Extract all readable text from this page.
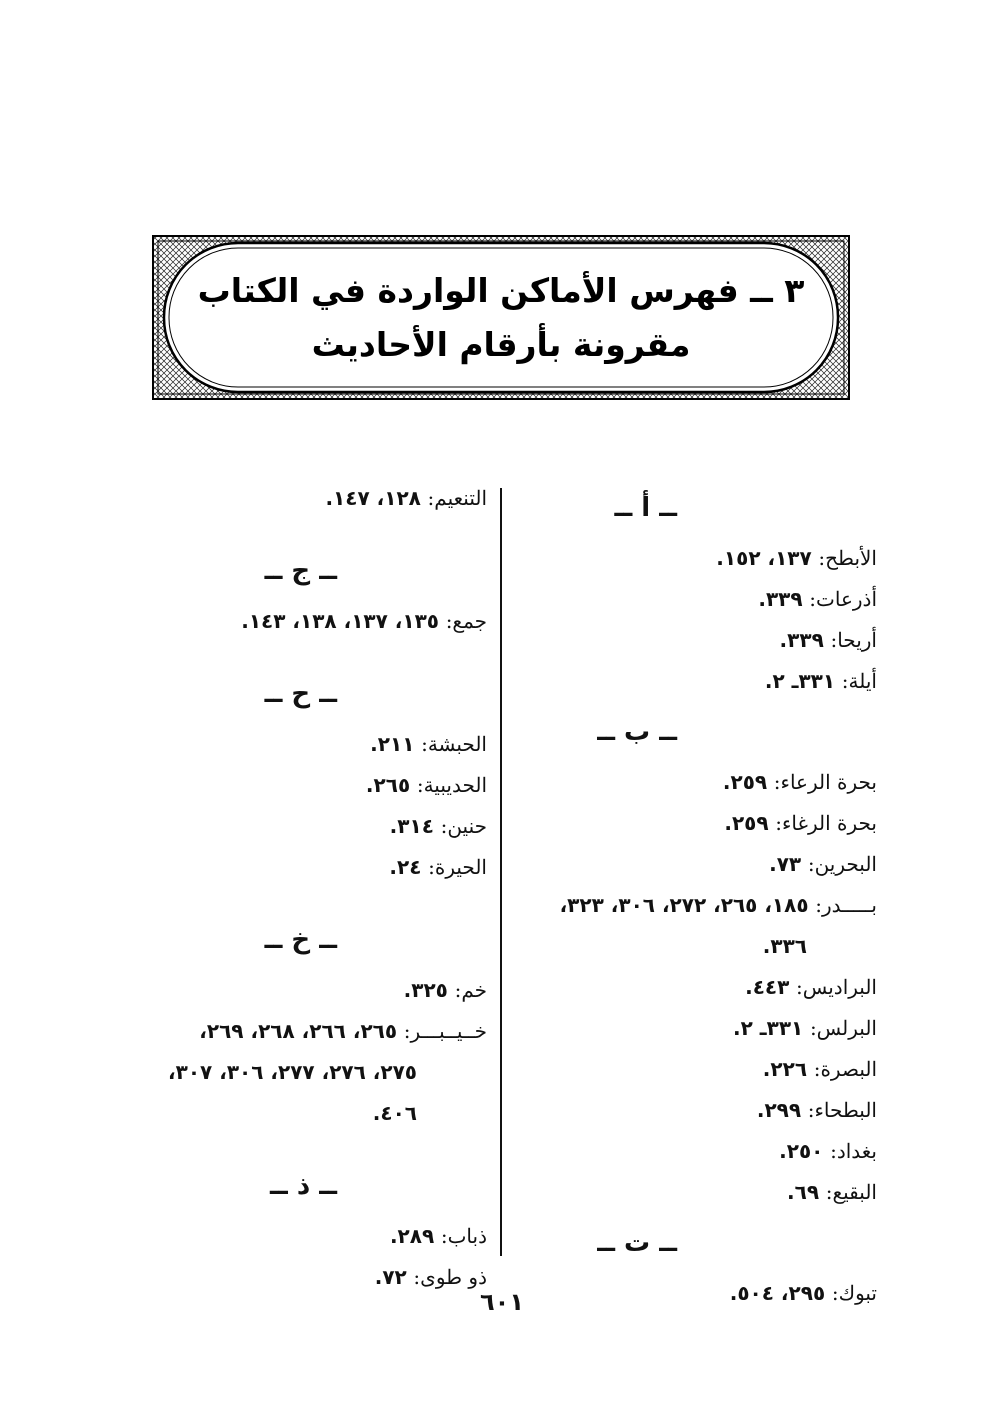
٣ ــ فهرس الأماكن الواردة في الكتاب
مقرونة بأرقام الأحاديث
ــ أ ــ
الأبطح: ١٣٧، ١٥٢.
أذرعات: ٣٣٩.
أريحا: ٣٣٩.
أيلة: ٣٣١ـ ٢.
ــ ب ــ
بحرة الرعاء: ٢٥٩.
بحرة الرغاء: ٢٥٩.
البحرين: ٧٣.
بـــــدر: ١٨٥، ٢٦٥، ٢٧٢، ٣٠٦، ٣٢٣،
٣٣٦.
البراديس: ٤٤٣.
البرلس: ٣٣١ـ ٢.
البصرة: ٢٢٦.
البطحاء: ٢٩٩.
بغداد: ٢٥٠.
البقيع: ٦٩.
ــ ت ــ
تبوك: ٢٩٥، ٥٠٤.
التنعيم: ١٢٨، ١٤٧.
ــ ج ــ
جمع: ١٣٥، ١٣٧، ١٣٨، ١٤٣.
ــ ح ــ
الحبشة: ٢١١.
الحديبية: ٢٦٥.
حنين: ٣١٤.
الحيرة: ٢٤.
ــ خ ــ
خم: ٣٢٥.
خــيــبـــر: ٢٦٥، ٢٦٦، ٢٦٨، ٢٦٩،
٢٧٥، ٢٧٦، ٢٧٧، ٣٠٦، ٣٠٧،
٤٠٦.
ــ ذ ــ
ذباب: ٢٨٩.
ذو طوى: ٧٢.
٦٠١
